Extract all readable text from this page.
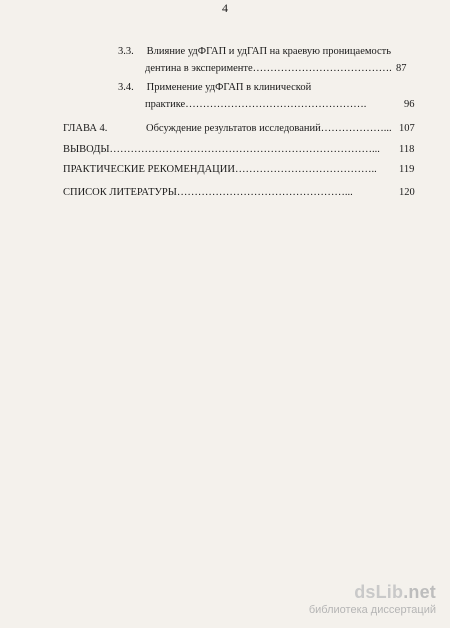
4
3.3. Влияние удФГАП и удГАП на краевую проницаемость
дентина в эксперименте…………………………………. 87
3.4. Применение удФГАП в клинической
практике…………………………………………….	96
ГЛАВА 4.	Обсуждение результатов исследований………………... 107
ВЫВОДЫ…………………………………………………………………... 118
ПРАКТИЧЕСКИЕ РЕКОМЕНДАЦИИ………………………………….. 119
СПИСОК ЛИТЕРАТУРЫ…………………………………………...	120
dsLib.net
библиотека диссертаций
